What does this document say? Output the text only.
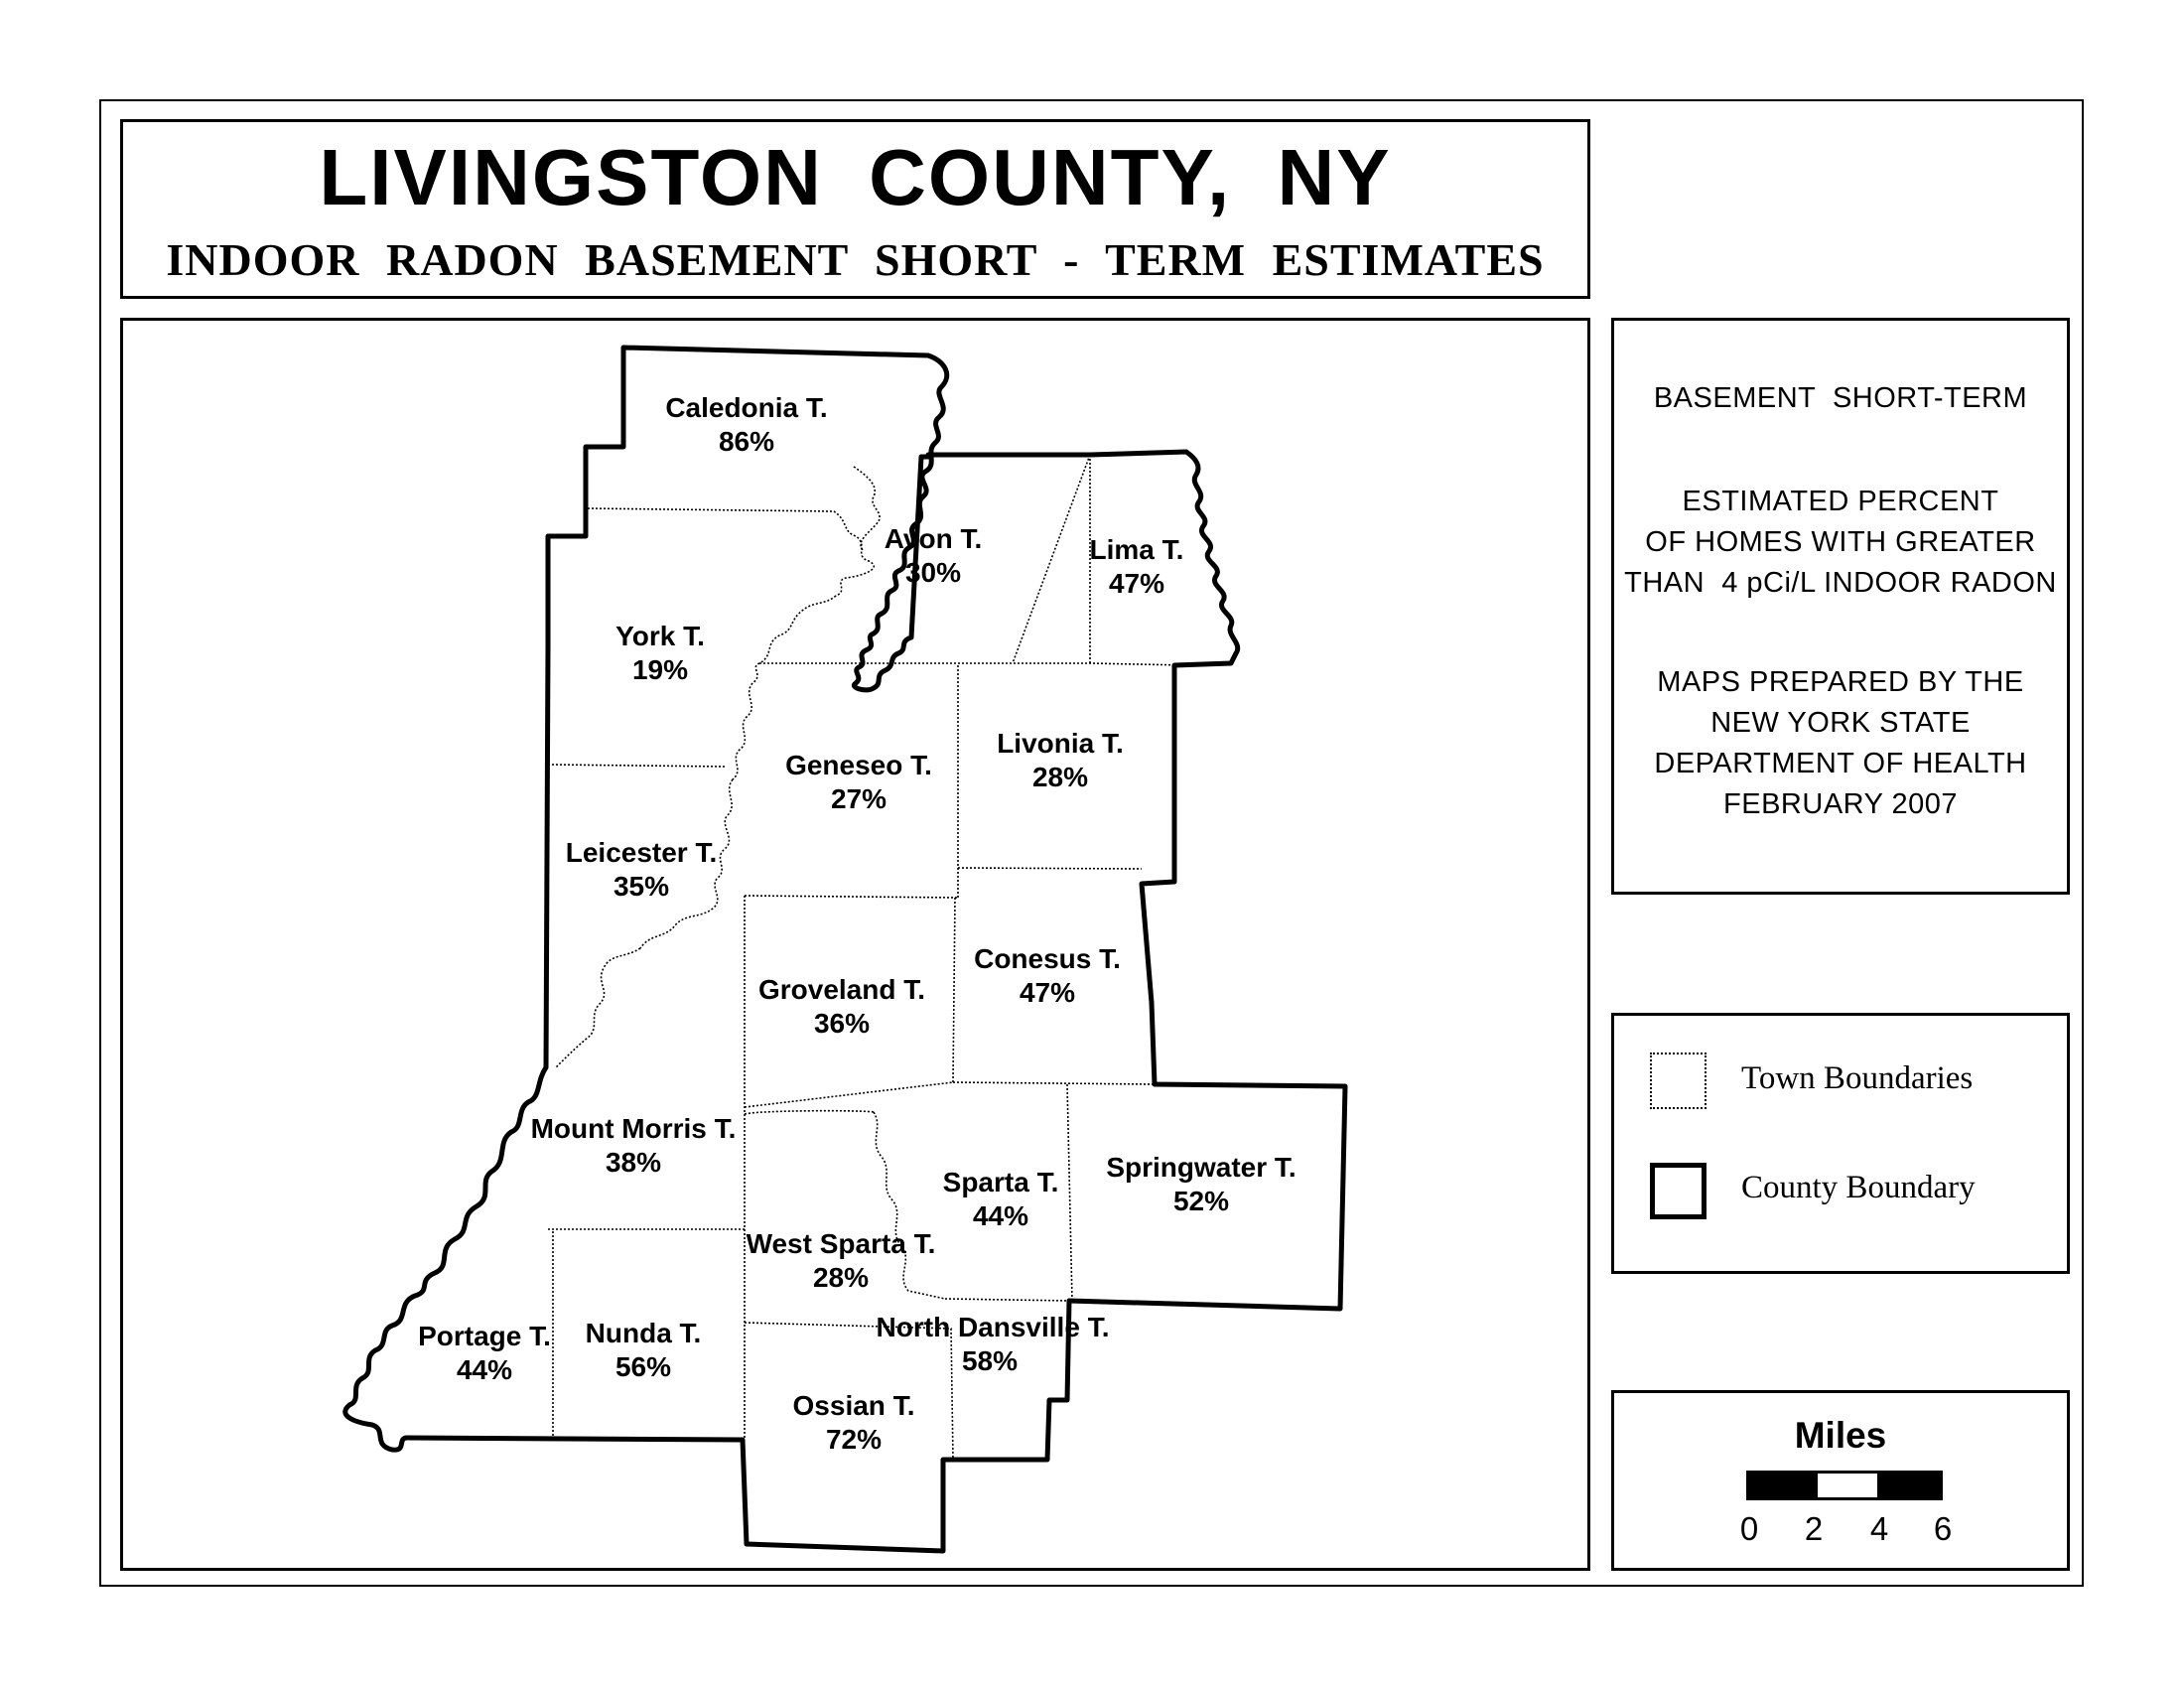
LIVINGSTON COUNTY, NY
INDOOR RADON BASEMENT SHORT - TERM ESTIMATES
Caledonia T.
86%
Avon T.
30%
Lima T.
47%
York T.
19%
Geneseo T.
27%
Livonia T.
28%
Leicester T.
35%
Groveland T.
36%
Conesus T.
47%
Mount Morris T.
38%
Sparta T.
44%
Springwater T.
52%
West Sparta T.
28%
Portage T.
44%
Nunda T.
56%
North Dansville T.
58%
Ossian T.
72%
BASEMENT  SHORT-TERM
ESTIMATED PERCENT
OF HOMES WITH GREATER
THAN  4 pCi/L INDOOR RADON
MAPS PREPARED BY THE
NEW YORK STATE
DEPARTMENT OF HEALTH
FEBRUARY 2007
Town Boundaries
County Boundary
Miles
0 2 4 6
